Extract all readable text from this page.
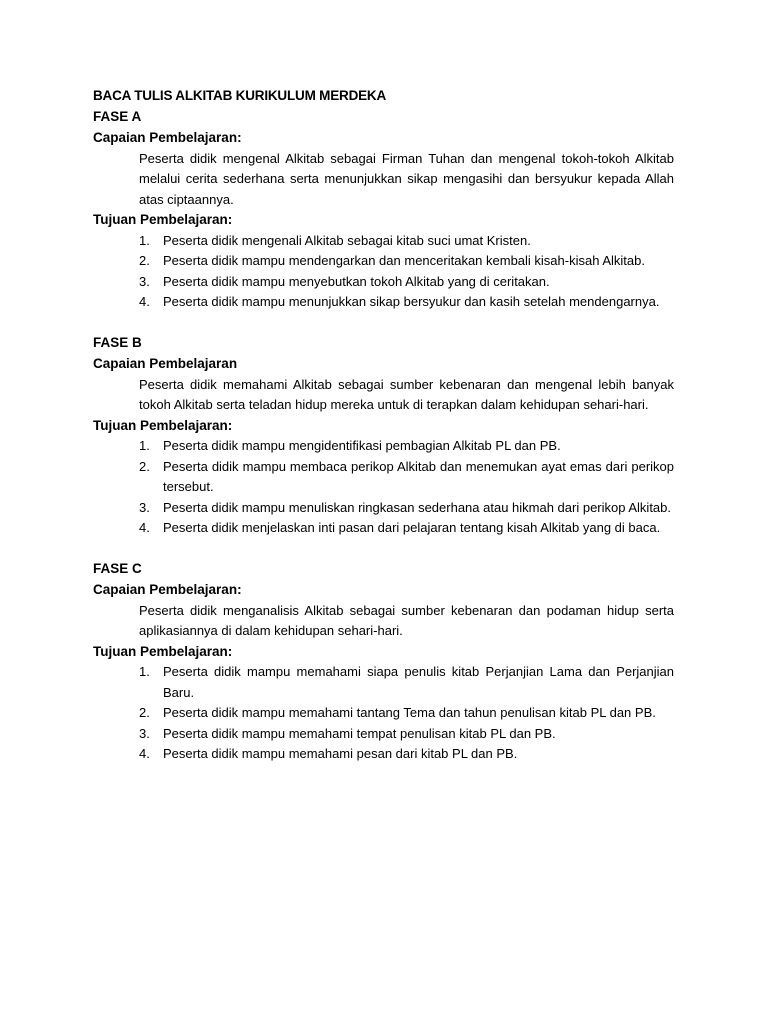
BACA TULIS ALKITAB KURIKULUM MERDEKA
FASE A
Capaian Pembelajaran:

Peserta didik mengenal Alkitab sebagai Firman Tuhan dan mengenal tokoh-tokoh Alkitab melalui cerita sederhana serta menunjukkan sikap mengasihi dan bersyukur kepada Allah atas ciptaannya.

Tujuan Pembelajaran:
1. Peserta didik mengenali Alkitab sebagai kitab suci umat Kristen.
2. Peserta didik mampu mendengarkan dan menceritakan kembali kisah-kisah Alkitab.
3. Peserta didik mampu menyebutkan tokoh Alkitab yang di ceritakan.
4. Peserta didik mampu menunjukkan sikap bersyukur dan kasih setelah mendengarnya.
FASE B
Capaian Pembelajaran

Peserta didik memahami Alkitab sebagai sumber kebenaran dan mengenal lebih banyak tokoh Alkitab serta teladan hidup mereka untuk di terapkan dalam kehidupan sehari-hari.

Tujuan Pembelajaran:
1. Peserta didik mampu mengidentifikasi pembagian Alkitab PL dan PB.
2. Peserta didik mampu membaca perikop Alkitab dan menemukan ayat emas dari perikop tersebut.
3. Peserta didik mampu menuliskan ringkasan sederhana atau hikmah dari perikop Alkitab.
4. Peserta didik menjelaskan inti pasan dari pelajaran tentang kisah Alkitab yang di baca.
FASE C
Capaian Pembelajaran:

Peserta didik menganalisis Alkitab sebagai sumber kebenaran dan podaman hidup serta aplikasiannya di dalam kehidupan sehari-hari.

Tujuan Pembelajaran:
1. Peserta didik mampu memahami siapa penulis kitab Perjanjian Lama dan Perjanjian Baru.
2. Peserta didik mampu memahami tantang Tema dan tahun penulisan kitab PL dan PB.
3. Peserta didik mampu memahami tempat penulisan kitab PL dan PB.
4. Peserta didik mampu memahami pesan dari kitab PL dan PB.
